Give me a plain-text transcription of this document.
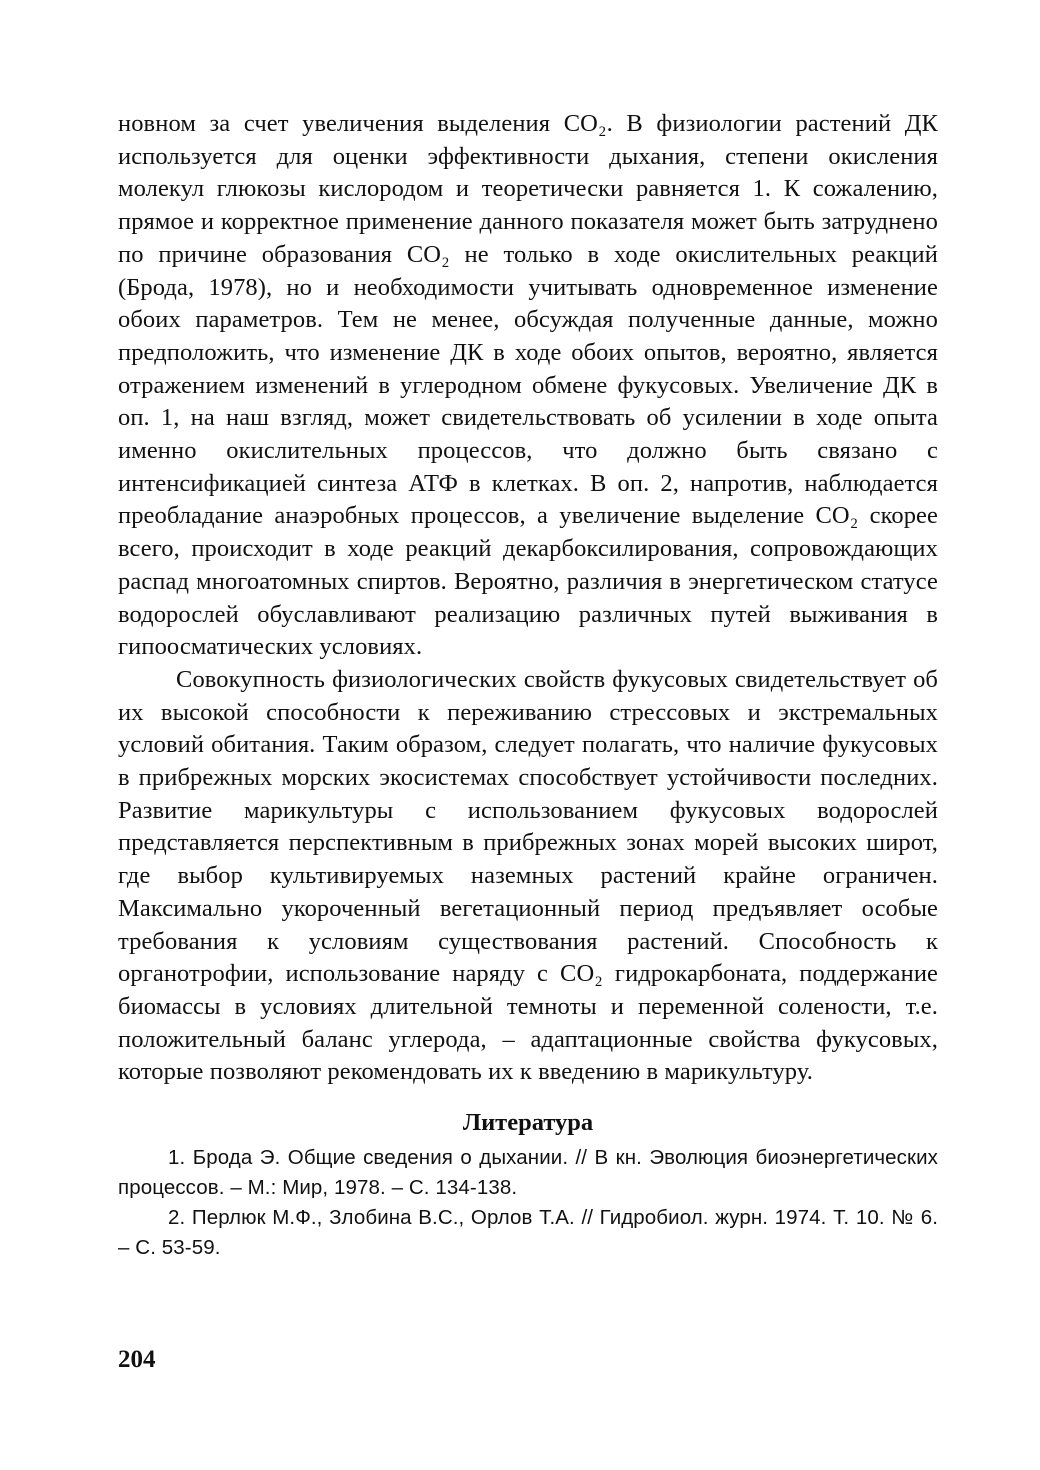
новном за счет увеличения выделения СО₂. В физиологии растений ДК используется для оценки эффективности дыхания, степени окисления молекул глюкозы кислородом и теоретически равняется 1. К сожалению, прямое и корректное применение данного показателя может быть затруднено по причине образования СО₂ не только в ходе окислительных реакций (Брода, 1978), но и необходимости учитывать одновременное изменение обоих параметров. Тем не менее, обсуждая полученные данные, можно предположить, что изменение ДК в ходе обоих опытов, вероятно, является отражением изменений в углеродном обмене фукусовых. Увеличение ДК в оп. 1, на наш взгляд, может свидетельствовать об усилении в ходе опыта именно окислительных процессов, что должно быть связано с интенсификацией синтеза АТФ в клетках. В оп. 2, напротив, наблюдается преобладание анаэробных процессов, а увеличение выделение СО₂ скорее всего, происходит в ходе реакций декарбоксилирования, сопровождающих распад многоатомных спиртов. Вероятно, различия в энергетическом статусе водорослей обуславливают реализацию различных путей выживания в гипоосматических условиях.

Совокупность физиологических свойств фукусовых свидетельствует об их высокой способности к переживанию стрессовых и экстремальных условий обитания. Таким образом, следует полагать, что наличие фукусовых в прибрежных морских экосистемах способствует устойчивости последних. Развитие марикультуры с использованием фукусовых водорослей представляется перспективным в прибрежных зонах морей высоких широт, где выбор культивируемых наземных растений крайне ограничен. Максимально укороченный вегетационный период предъявляет особые требования к условиям существования растений. Способность к органотрофии, использование наряду с СО₂ гидрокарбоната, поддержание биомассы в условиях длительной темноты и переменной солености, т.е. положительный баланс углерода, – адаптационные свойства фукусовых, которые позволяют рекомендовать их к введению в марикультуру.

Литература
1. Брода Э. Общие сведения о дыхании. // В кн. Эволюция биоэнергетических процессов. – М.: Мир, 1978. – С. 134-138.
2. Перлюк М.Ф., Злобина В.С., Орлов Т.А. // Гидробиол. журн. 1974. Т. 10. № 6. – С. 53-59.
204
